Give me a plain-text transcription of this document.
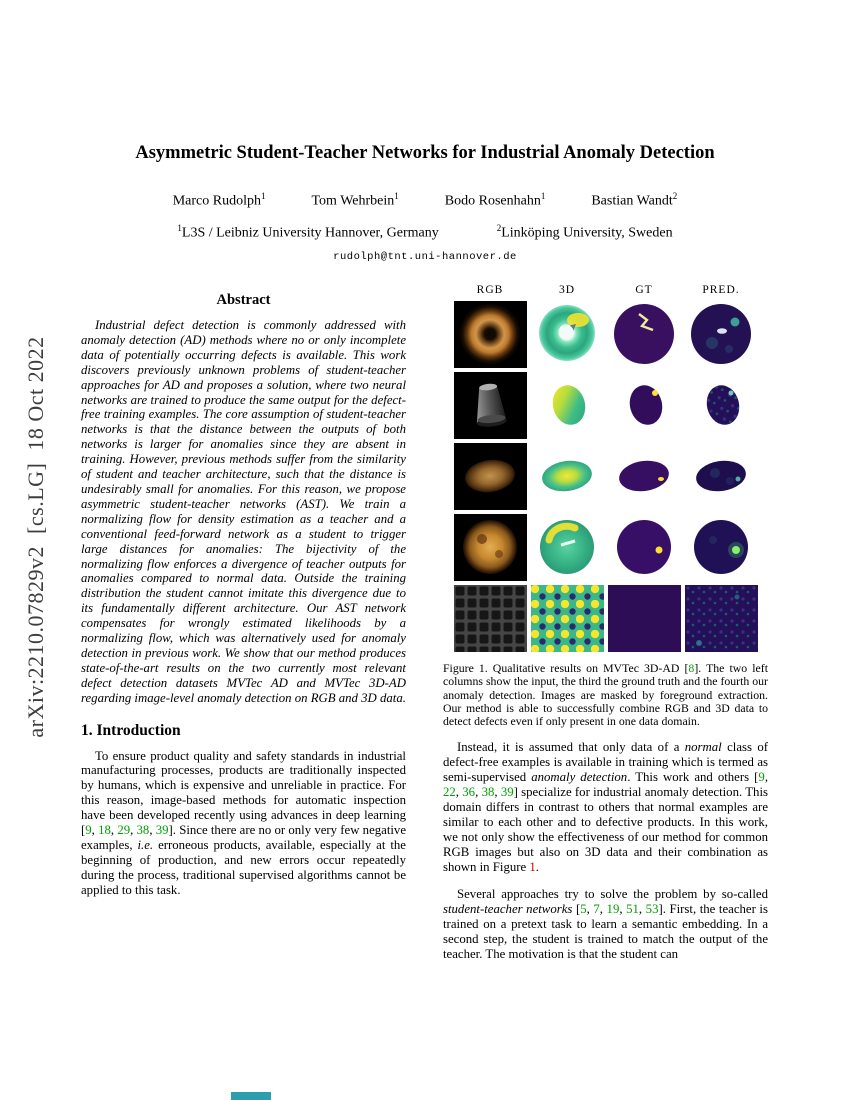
arXiv:2210.07829v2  [cs.LG]  18 Oct 2022
Asymmetric Student-Teacher Networks for Industrial Anomaly Detection
Marco Rudolph$^1$	Tom Wehrbein$^1$	Bodo Rosenhahn$^1$	Bastian Wandt$^2$
$^1$L3S / Leibniz University Hannover, Germany	$^2$Linköping University, Sweden
rudolph@tnt.uni-hannover.de
Abstract

Industrial defect detection is commonly addressed with anomaly detection (AD) methods where no or only incomplete data of potentially occurring defects is available. This work discovers previously unknown problems of student-teacher approaches for AD and proposes a solution, where two neural networks are trained to produce the same output for the defect-free training examples. The core assumption of student-teacher networks is that the distance between the outputs of both networks is larger for anomalies since they are absent in training. However, previous methods suffer from the similarity of student and teacher architecture, such that the distance is undesirably small for anomalies. For this reason, we propose asymmetric student-teacher networks (AST). We train a normalizing flow for density estimation as a teacher and a conventional feed-forward network as a student to trigger large distances for anomalies: The bijectivity of the normalizing flow enforces a divergence of teacher outputs for anomalies compared to normal data. Outside the training distribution the student cannot imitate this divergence due to its fundamentally different architecture. Our AST network compensates for wrongly estimated likelihoods by a normalizing flow, which was alternatively used for anomaly detection in previous work. We show that our method produces state-of-the-art results on the two currently most relevant defect detection datasets MVTec AD and MVTec 3D-AD regarding image-level anomaly detection on RGB and 3D data.

1. Introduction

To ensure product quality and safety standards in industrial manufacturing processes, products are traditionally inspected by humans, which is expensive and unreliable in practice. For this reason, image-based methods for automatic inspection have been developed recently using advances in deep learning [9, 18, 29, 38, 39]. Since there are no or only very few negative examples, i.e. erroneous products, available, especially at the beginning of production, and new errors occur repeatedly during the process, traditional supervised algorithms cannot be applied to this task.

RGB	3D	GT	PRED.

Figure 1. Qualitative results on MVTec 3D-AD [8]. The two left columns show the input, the third the ground truth and the fourth our anomaly detection. Images are masked by foreground extraction. Our method is able to successfully combine RGB and 3D data to detect defects even if only present in one data domain.

Instead, it is assumed that only data of a normal class of defect-free examples is available in training which is termed as semi-supervised anomaly detection. This work and others [9, 22, 36, 38, 39] specialize for industrial anomaly detection. This domain differs in contrast to others that normal examples are similar to each other and to defective products. In this work, we not only show the effectiveness of our method for common RGB images but also on 3D data and their combination as shown in Figure 1.

Several approaches try to solve the problem by so-called student-teacher networks [5, 7, 19, 51, 53]. First, the teacher is trained on a pretext task to learn a semantic embedding. In a second step, the student is trained to match the output of the teacher. The motivation is that the student can
